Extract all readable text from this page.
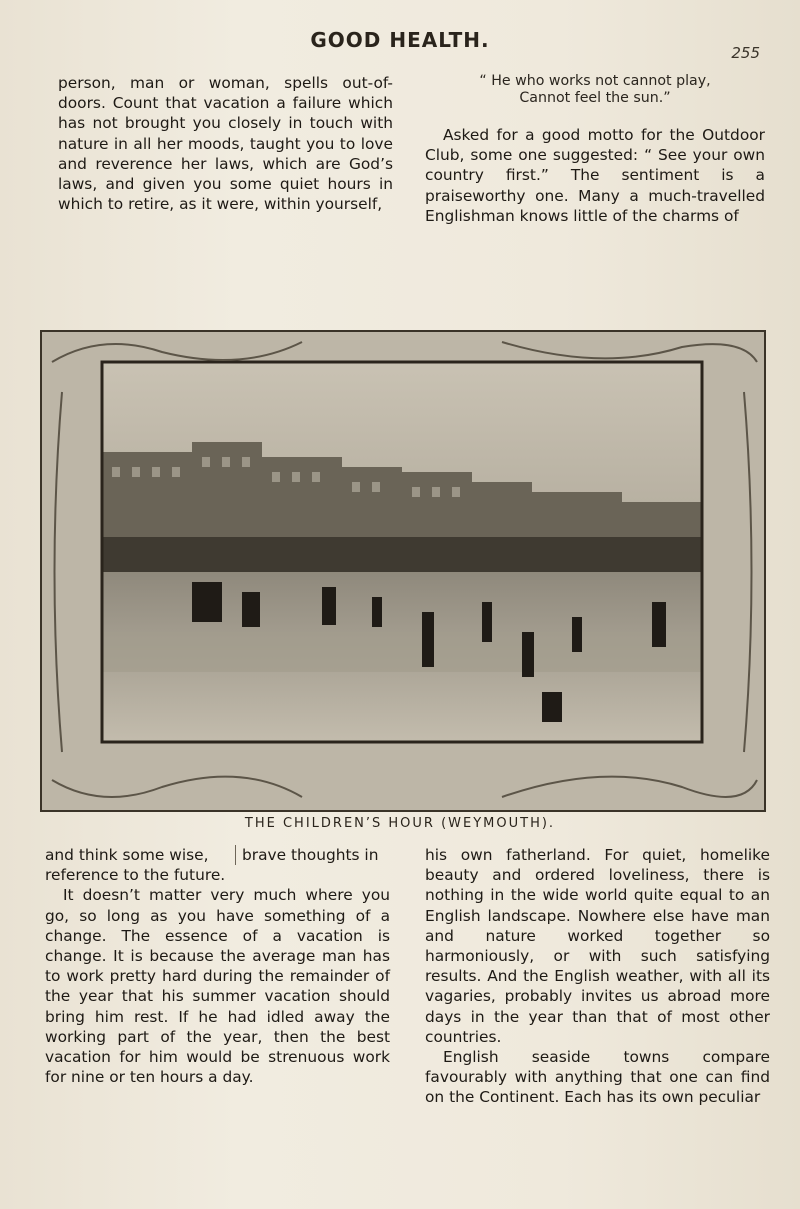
GOOD HEALTH.
255

person, man or woman, spells out-of-doors. Count that vacation a failure which has not brought you closely in touch with nature in all her moods, taught you to love and reverence her laws, which are God’s laws, and given you some quiet hours in which to retire, as it were, within yourself,

“ He who works not cannot play,
Cannot feel the sun.”

Asked for a good motto for the Outdoor Club, some one suggested: “ See your own country first.” The sentiment is a praiseworthy one. Many a much-travelled Englishman knows little of the charms of

THE CHILDREN’S HOUR (WEYMOUTH).

brave thoughts in
and think some wise,
reference to the future.

It doesn’t matter very much where you go, so long as you have something of a change. The essence of a vacation is change. It is because the average man has to work pretty hard during the remainder of the year that his summer vacation should bring him rest. If he had idled away the working part of the year, then the best vacation for him would be strenuous work for nine or ten hours a day.

his own fatherland. For quiet, homelike beauty and ordered loveliness, there is nothing in the wide world quite equal to an English landscape. Nowhere else have man and nature worked together so harmoniously, or with such satisfying results. And the English weather, with all its vagaries, probably invites us abroad more days in the year than that of most other countries.

English seaside towns compare favourably with anything that one can find on the Continent. Each has its own peculiar
